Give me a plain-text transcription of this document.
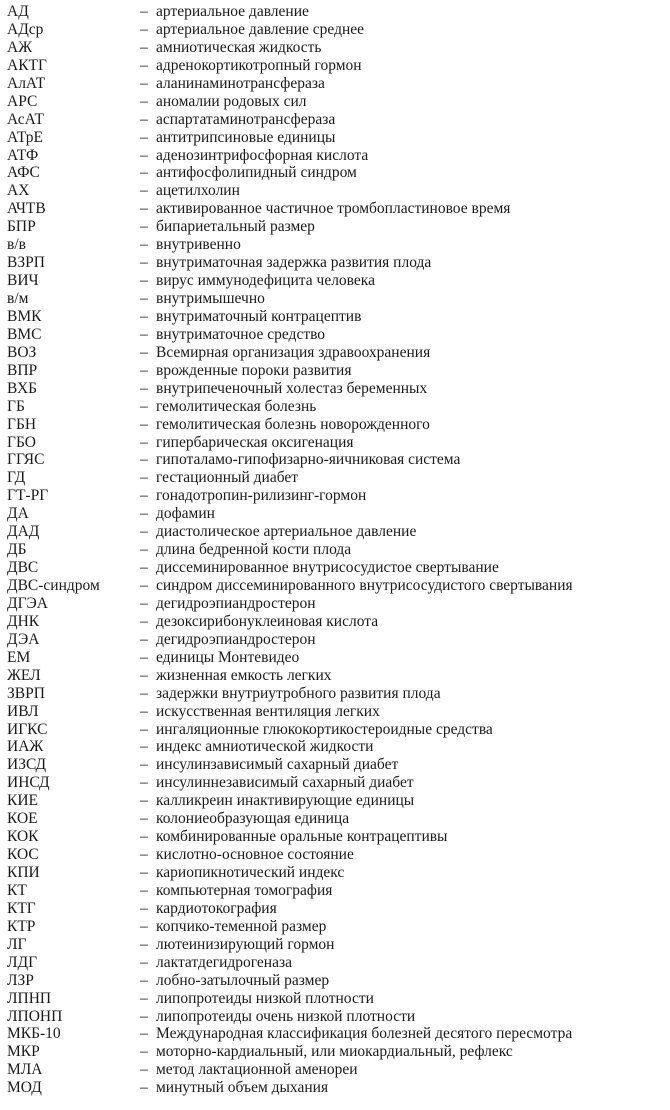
АД	– артериальное давление
АДср	– артериальное давление среднее
АЖ	– амниотическая жидкость
АКТГ	– адренокортикотропный гормон
АлАТ	– аланинаминотрансфераза
АРС	– аномалии родовых сил
АсАТ	– аспартатаминотрансфераза
АТрЕ	– антитрипсиновые единицы
АТФ	– аденозинтрифосфорная кислота
АФС	– антифосфолипидный синдром
АХ	– ацетилхолин
АЧТВ	– активированное частичное тромбопластиновое время
БПР	– бипариетальный размер
в/в	– внутривенно
ВЗРП	– внутриматочная задержка развития плода
ВИЧ	– вирус иммунодефицита человека
в/м	– внутримышечно
ВМК	– внутриматочный контрацептив
ВМС	– внутриматочное средство
ВОЗ	– Всемирная организация здравоохранения
ВПР	– врожденные пороки развития
ВХБ	– внутрипеченочный холестаз беременных
ГБ	– гемолитическая болезнь
ГБН	– гемолитическая болезнь новорожденного
ГБО	– гипербарическая оксигенация
ГГЯС	– гипоталамо-гипофизарно-яичниковая система
ГД	– гестационный диабет
ГТ-РГ	– гонадотропин-рилизинг-гормон
ДА	– дофамин
ДАД	– диастолическое артериальное давление
ДБ	– длина бедренной кости плода
ДВС	– диссеминированное внутрисосудистое свертывание
ДВС-синдром	– синдром диссеминированного внутрисосудистого свертывания
ДГЭА	– дегидроэпиандростерон
ДНК	– дезоксирибонуклеиновая кислота
ДЭА	– дегидроэпиандростерон
ЕМ	– единицы Монтевидео
ЖЕЛ	– жизненная емкость легких
ЗВРП	– задержки внутриутробного развития плода
ИВЛ	– искусственная вентиляция легких
ИГКС	– ингаляционные глюкокортикостероидные средства
ИАЖ	– индекс амниотической жидкости
ИЗСД	– инсулинзависимый сахарный диабет
ИНСД	– инсулиннезависимый сахарный диабет
КИЕ	– калликреин инактивирующие единицы
КОЕ	– колониеобразующая единица
КОК	– комбинированные оральные контрацептивы
КОС	– кислотно-основное состояние
КПИ	– кариопикнотический индекс
КТ	– компьютерная томография
КТГ	– кардиотокография
КТР	– копчико-теменной размер
ЛГ	– лютеинизирующий гормон
ЛДГ	– лактатдегидрогеназа
ЛЗР	– лобно-затылочный размер
ЛПНП	– липопротеиды низкой плотности
ЛПОНП	– липопротеиды очень низкой плотности
МКБ-10	– Международная классификация болезней десятого пересмотра
МКР	– моторно-кардиальный, или миокардиальный, рефлекс
МЛА	– метод лактационной аменореи
МОД	– минутный объем дыхания
